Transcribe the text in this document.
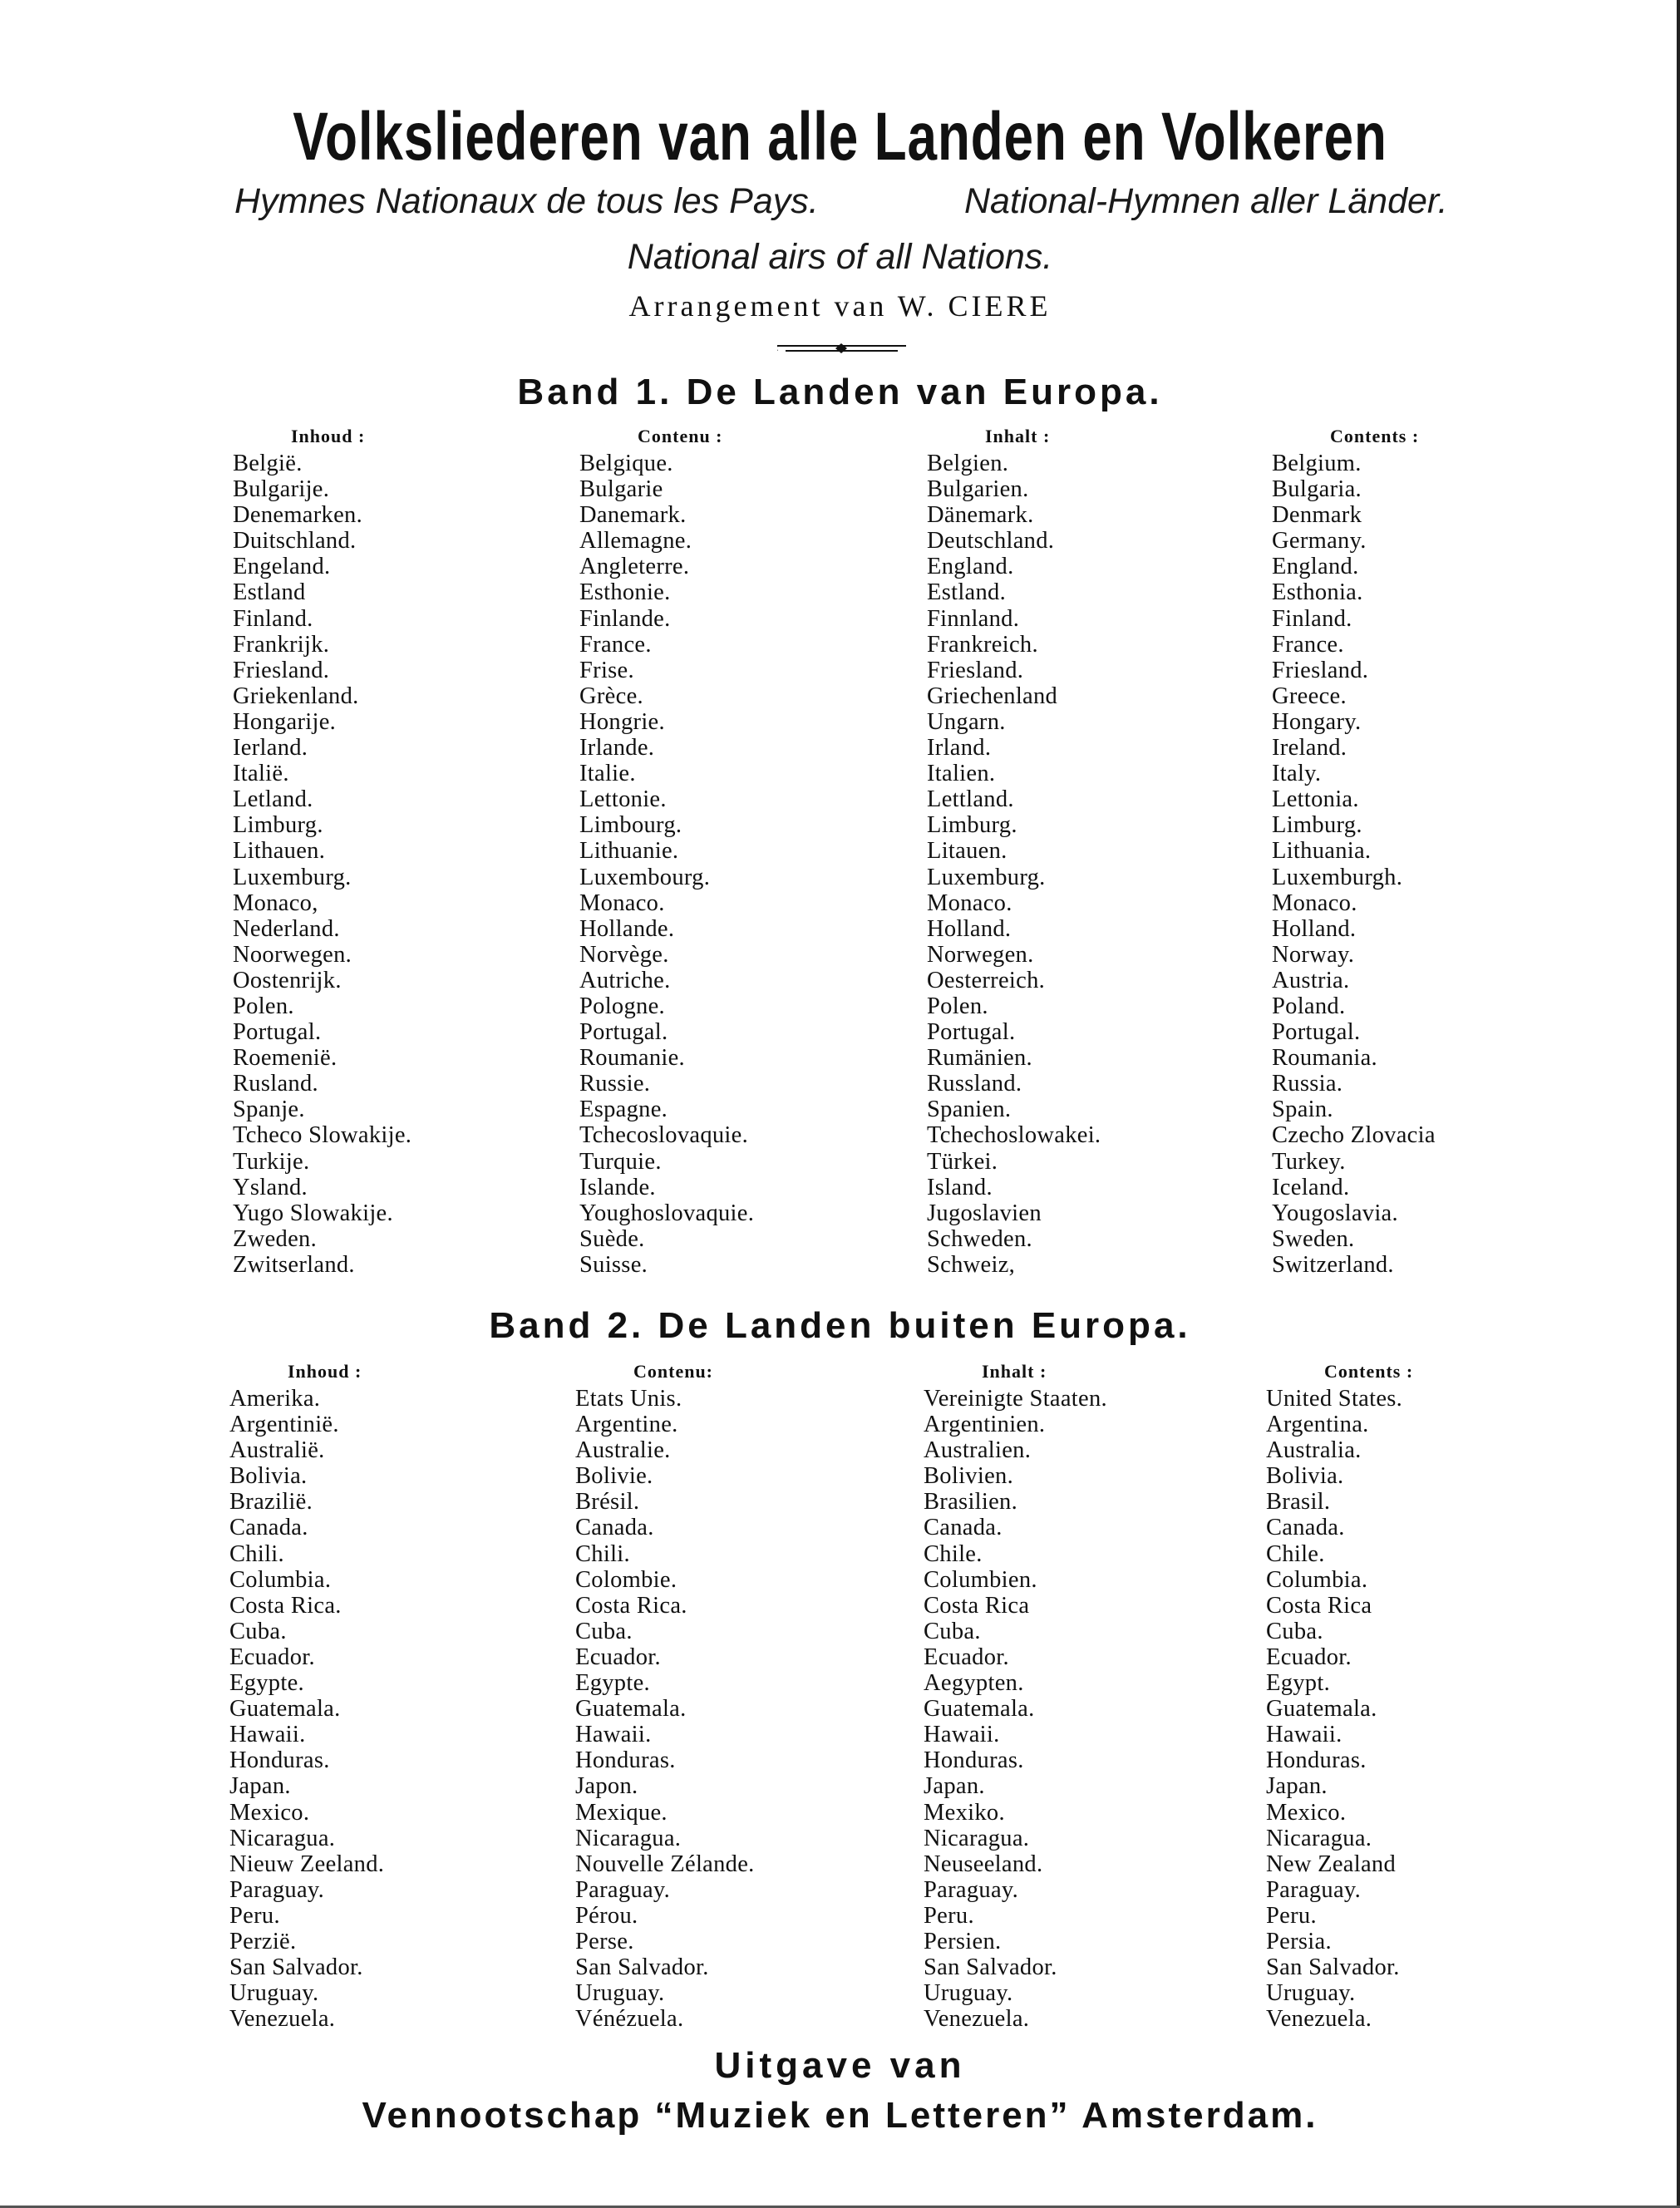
Volksliederen van alle Landen en Volkeren
Hymnes Nationaux de tous les Pays.	National-Hymnen aller Länder.
National airs of all Nations.
Arrangement van W. CIERE
Band 1. De Landen van Europa.
Inhoud :
België.
Bulgarije.
Denemarken.
Duitschland.
Engeland.
Estland
Finland.
Frankrijk.
Friesland.
Griekenland.
Hongarije.
Ierland.
Italië.
Letland.
Limburg.
Lithauen.
Luxemburg.
Monaco,
Nederland.
Noorwegen.
Oostenrijk.
Polen.
Portugal.
Roemenië.
Rusland.
Spanje.
Tcheco Slowakije.
Turkije.
Ysland.
Yugo Slowakije.
Zweden.
Zwitserland.
Contenu :
Belgique.
Bulgarie
Danemark.
Allemagne.
Angleterre.
Esthonie.
Finlande.
France.
Frise.
Grèce.
Hongrie.
Irlande.
Italie.
Lettonie.
Limbourg.
Lithuanie.
Luxembourg.
Monaco.
Hollande.
Norvège.
Autriche.
Pologne.
Portugal.
Roumanie.
Russie.
Espagne.
Tchecoslovaquie.
Turquie.
Islande.
Youghoslovaquie.
Suède.
Suisse.
Inhalt :
Belgien.
Bulgarien.
Dänemark.
Deutschland.
England.
Estland.
Finnland.
Frankreich.
Friesland.
Griechenland
Ungarn.
Irland.
Italien.
Lettland.
Limburg.
Litauen.
Luxemburg.
Monaco.
Holland.
Norwegen.
Oesterreich.
Polen.
Portugal.
Rumänien.
Russland.
Spanien.
Tchechoslowakei.
Türkei.
Island.
Jugoslavien
Schweden.
Schweiz,
Contents :
Belgium.
Bulgaria.
Denmark
Germany.
England.
Esthonia.
Finland.
France.
Friesland.
Greece.
Hongary.
Ireland.
Italy.
Lettonia.
Limburg.
Lithuania.
Luxemburgh.
Monaco.
Holland.
Norway.
Austria.
Poland.
Portugal.
Roumania.
Russia.
Spain.
Czecho Zlovacia
Turkey.
Iceland.
Yougoslavia.
Sweden.
Switzerland.
Band 2. De Landen buiten Europa.
Inhoud :
Amerika.
Argentinië.
Australië.
Bolivia.
Brazilië.
Canada.
Chili.
Columbia.
Costa Rica.
Cuba.
Ecuador.
Egypte.
Guatemala.
Hawaii.
Honduras.
Japan.
Mexico.
Nicaragua.
Nieuw Zeeland.
Paraguay.
Peru.
Perzië.
San Salvador.
Uruguay.
Venezuela.
Contenu:
Etats Unis.
Argentine.
Australie.
Bolivie.
Brésil.
Canada.
Chili.
Colombie.
Costa Rica.
Cuba.
Ecuador.
Egypte.
Guatemala.
Hawaii.
Honduras.
Japon.
Mexique.
Nicaragua.
Nouvelle Zélande.
Paraguay.
Pérou.
Perse.
San Salvador.
Uruguay.
Vénézuela.
Inhalt :
Vereinigte Staaten.
Argentinien.
Australien.
Bolivien.
Brasilien.
Canada.
Chile.
Columbien.
Costa Rica
Cuba.
Ecuador.
Aegypten.
Guatemala.
Hawaii.
Honduras.
Japan.
Mexiko.
Nicaragua.
Neuseeland.
Paraguay.
Peru.
Persien.
San Salvador.
Uruguay.
Venezuela.
Contents :
United States.
Argentina.
Australia.
Bolivia.
Brasil.
Canada.
Chile.
Columbia.
Costa Rica
Cuba.
Ecuador.
Egypt.
Guatemala.
Hawaii.
Honduras.
Japan.
Mexico.
Nicaragua.
New Zealand
Paraguay.
Peru.
Persia.
San Salvador.
Uruguay.
Venezuela.
Uitgave van
Vennootschap “Muziek en Letteren” Amsterdam.
